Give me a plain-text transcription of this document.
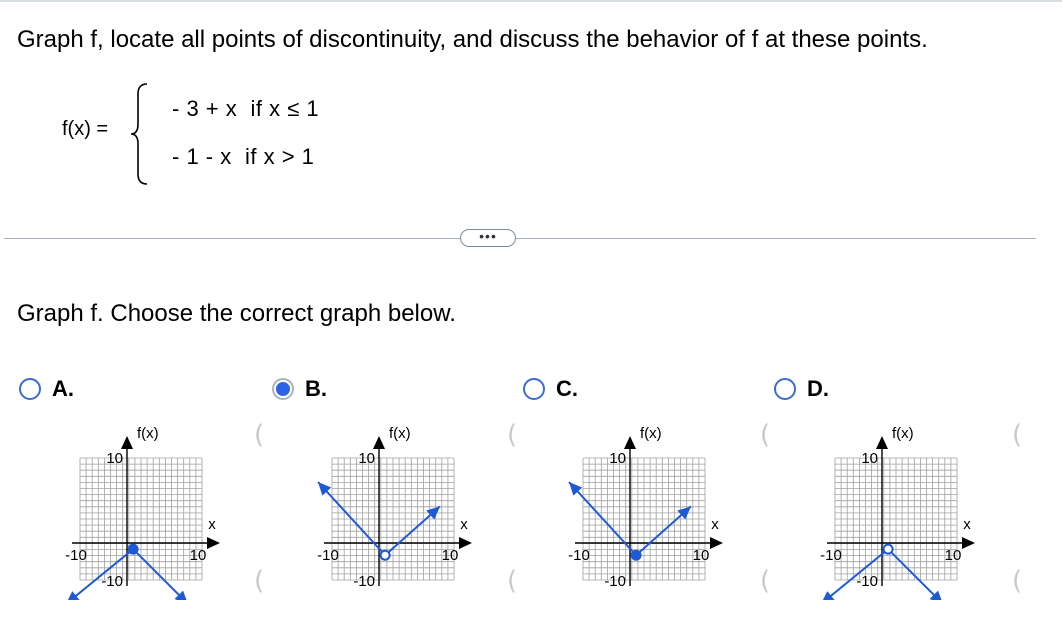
Graph f, locate all points of discontinuity, and discuss the behavior of f at these points.
f(x) =
- 3 + x if x ≤ 1
- 1 - x if x > 1
•••
Graph f. Choose the correct graph below.
A.	B.	C.	D.
f(x)
x
10
-10
-10	10
f(x)
x
10
-10
-10	10
f(x)
x
10
-10
-10	10
f(x)
x
10
-10
-10	10
(
(
(
(
(
(
(
(
